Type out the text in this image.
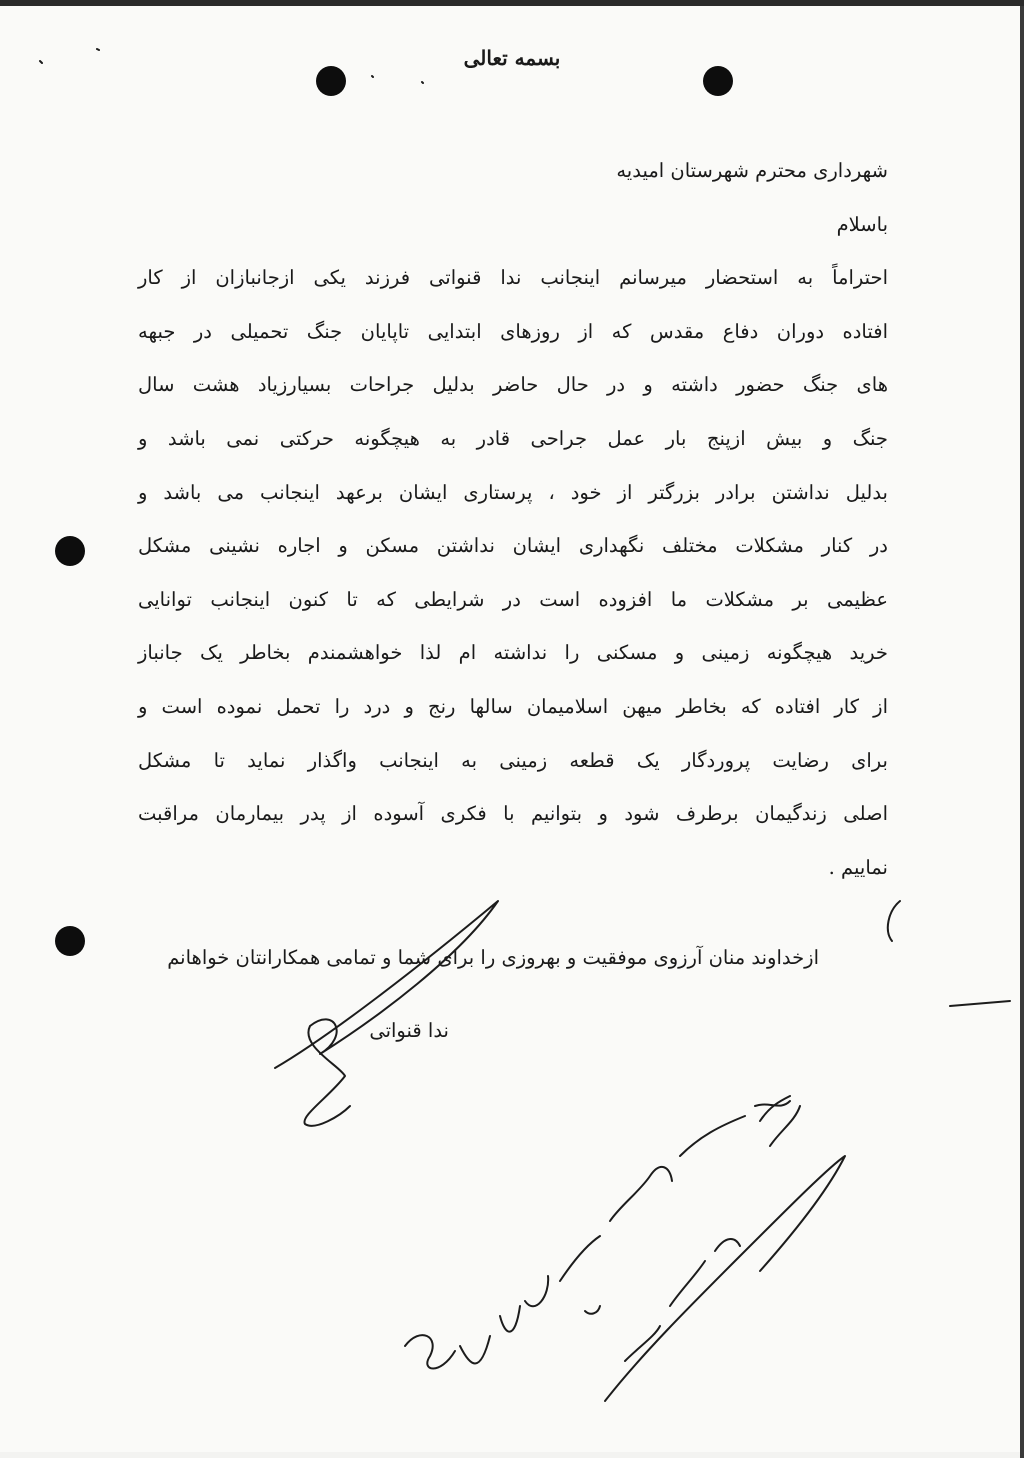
بسمه تعالی
شهرداری محترم شهرستان امیدیه
باسلام
احتراماً به استحضار میرسانم اینجانب ندا قنواتی فرزند یکی ازجانبازان از کار
افتاده دوران دفاع مقدس که از روزهای ابتدایی تاپایان جنگ تحمیلی در جبهه
های جنگ حضور داشته و در حال حاضر بدلیل جراحات بسیارزیاد هشت سال
جنگ و بیش ازپنج بار عمل جراحی قادر به هیچگونه حرکتی نمی باشد و
بدلیل نداشتن برادر بزرگتر از خود ، پرستاری ایشان برعهد اینجانب می باشد و
در کنار مشکلات مختلف نگهداری ایشان نداشتن مسکن و اجاره نشینی مشکل
عظیمی بر مشکلات ما افزوده است در شرایطی که تا کنون اینجانب توانایی
خرید هیچگونه زمینی و مسکنی را نداشته ام لذا خواهشمندم بخاطر یک جانباز
از کار افتاده که بخاطر میهن اسلامیمان سالها رنج و درد را تحمل نموده است و
برای رضایت پروردگار یک قطعه زمینی به اینجانب واگذار نماید تا مشکل
اصلی زندگیمان برطرف شود و بتوانیم با فکری آسوده از پدر بیمارمان مراقبت
نماییم .
ازخداوند منان آرزوی موفقیت و بهروزی را برای شما و تمامی همکارانتان خواهانم
ندا قنواتی
